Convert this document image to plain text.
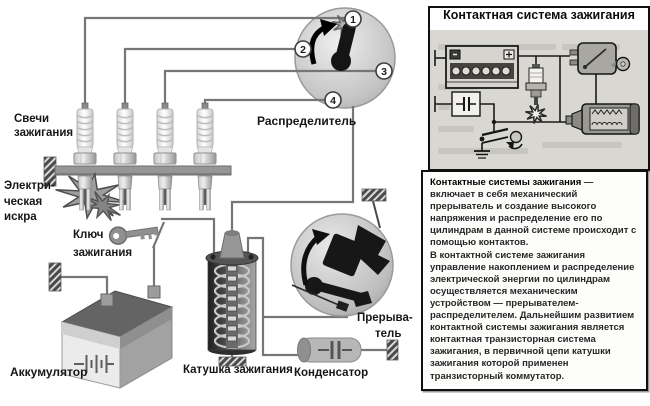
1
2
3
4
Свечи
зажигания
Распределитель
Электри-
ческая
искра
Ключ
зажигания
Аккумулятор	Катушка зажигания Конденсатор
Прерыва-
тель
Контактная система зажигания

Контактные системы зажигания — включает в себя механический прерыватель и создание высокого напряжения и распределение его по цилиндрам в данной системе происходит с помощью контактов.

В контактной системе зажигания управление накоплением и распределение электрической энергии по цилиндрам осуществляется механическим устройством — прерывателем-распределителем. Дальнейшим развитием контактной системы зажигания является контактная транзисторная система зажигания, в первичной цепи катушки зажигания которой применен транзисторный коммутатор.
